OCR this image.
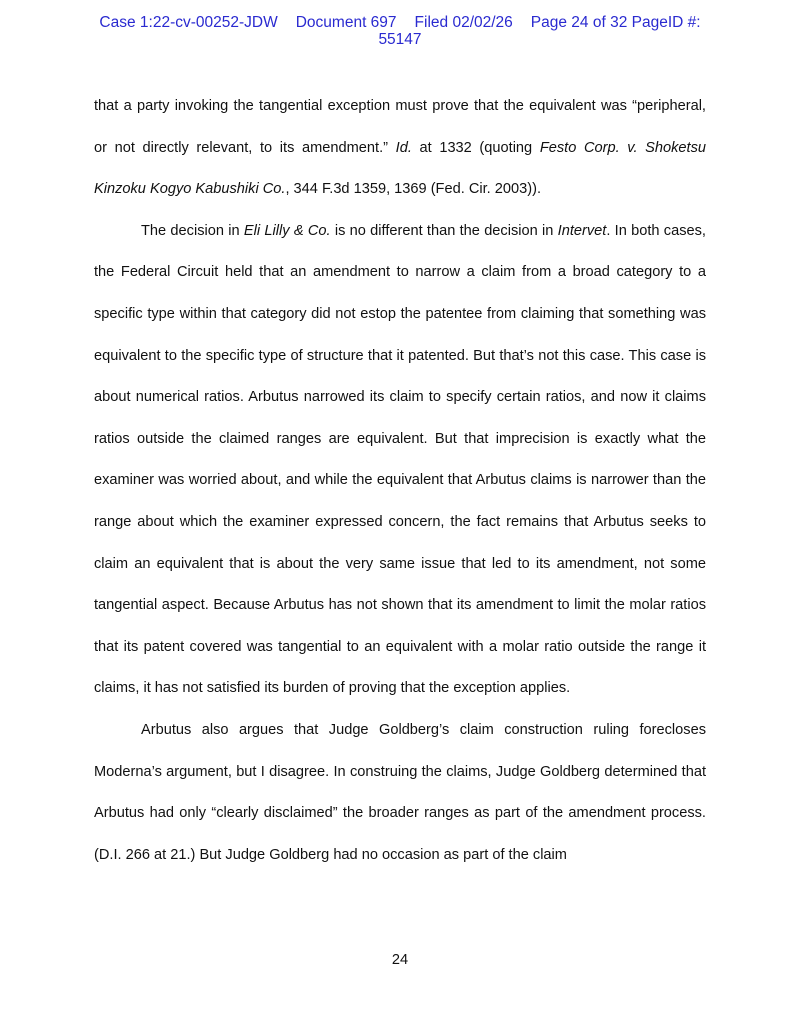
Case 1:22-cv-00252-JDW Document 697 Filed 02/02/26 Page 24 of 32 PageID #:
55147

that a party invoking the tangential exception must prove that the equivalent was “peripheral, or not directly relevant, to its amendment.” Id. at 1332 (quoting Festo Corp. v. Shoketsu Kinzoku Kogyo Kabushiki Co., 344 F.3d 1359, 1369 (Fed. Cir. 2003)).

The decision in Eli Lilly & Co. is no different than the decision in Intervet. In both cases, the Federal Circuit held that an amendment to narrow a claim from a broad category to a specific type within that category did not estop the patentee from claiming that something was equivalent to the specific type of structure that it patented. But that’s not this case. This case is about numerical ratios. Arbutus narrowed its claim to specify certain ratios, and now it claims ratios outside the claimed ranges are equivalent. But that imprecision is exactly what the examiner was worried about, and while the equivalent that Arbutus claims is narrower than the range about which the examiner expressed concern, the fact remains that Arbutus seeks to claim an equivalent that is about the very same issue that led to its amendment, not some tangential aspect. Because Arbutus has not shown that its amendment to limit the molar ratios that its patent covered was tangential to an equivalent with a molar ratio outside the range it claims, it has not satisfied its burden of proving that the exception applies.

Arbutus also argues that Judge Goldberg’s claim construction ruling forecloses Moderna’s argument, but I disagree. In construing the claims, Judge Goldberg determined that Arbutus had only “clearly disclaimed” the broader ranges as part of the amendment process. (D.I. 266 at 21.) But Judge Goldberg had no occasion as part of the claim

24
